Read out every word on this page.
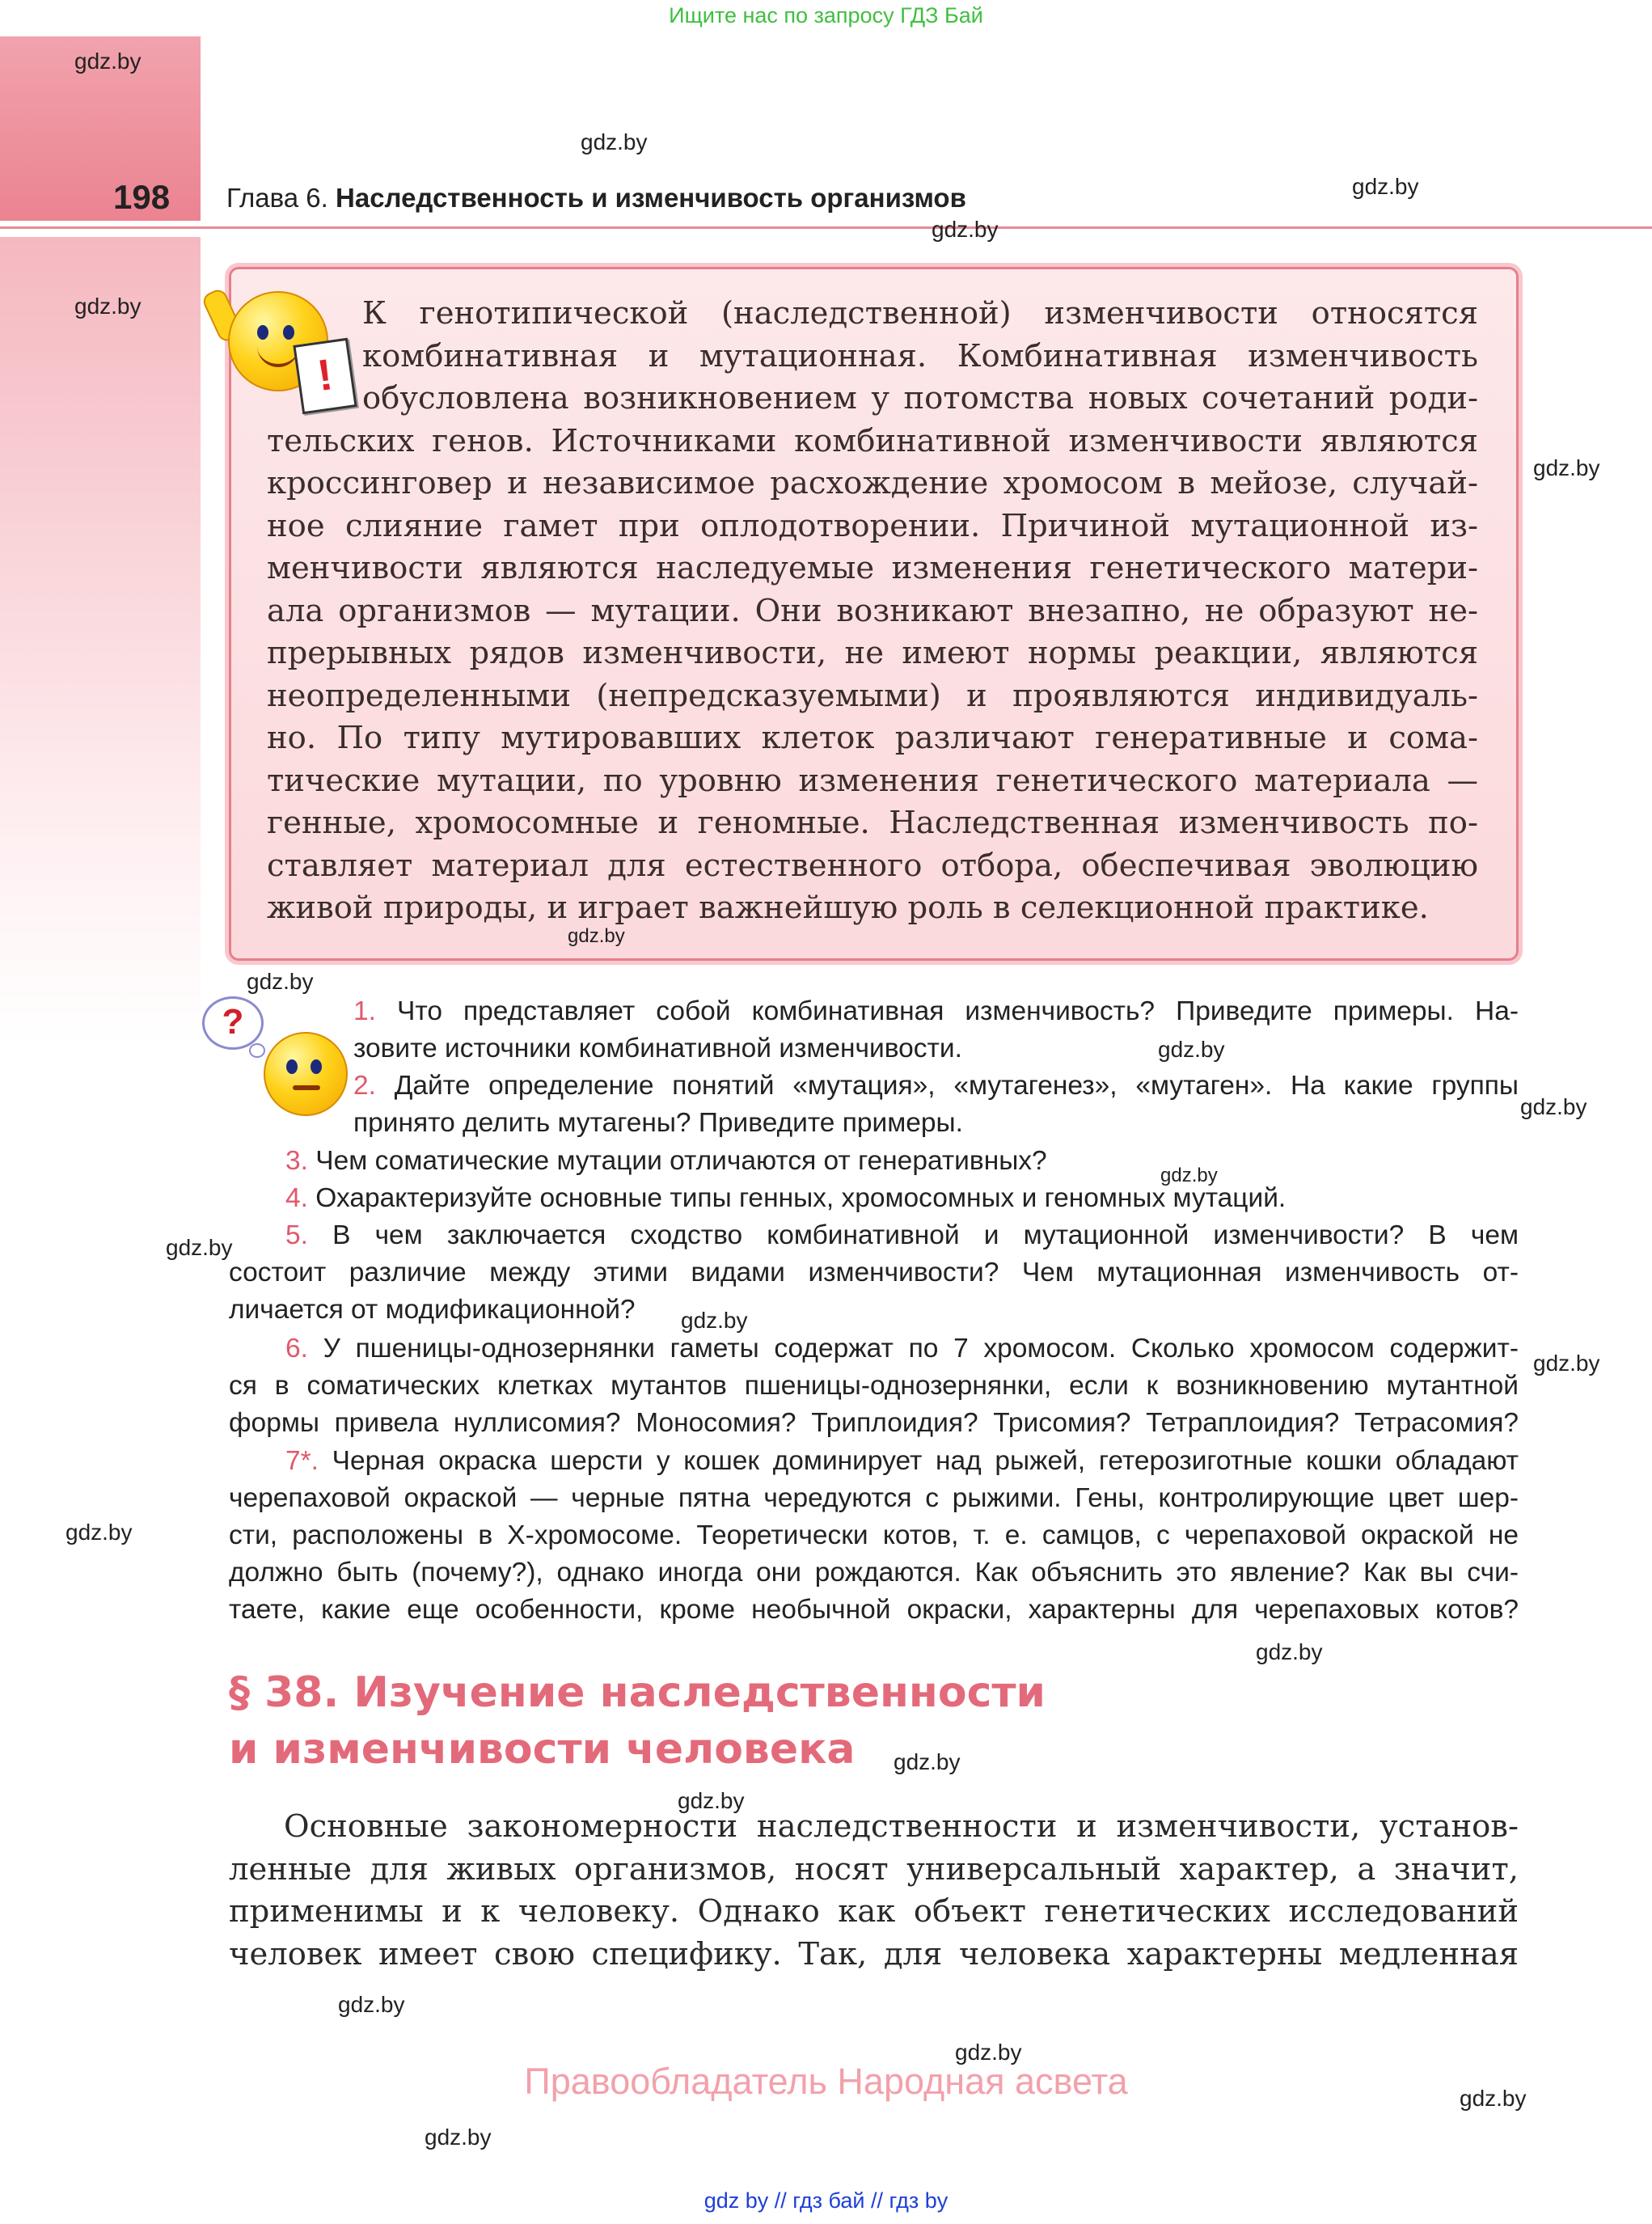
Ищите нас по запросу ГДЗ Бай
198 Глава 6. Наследственность и изменчивость организмов
!
К генотипической (наследственной) изменчивости относятся
комбинативная и мутационная. Комбинативная изменчивость
обусловлена возникновением у потомства новых сочетаний роди-
тельских генов. Источниками комбинативной изменчивости являются
кроссинговер и независимое расхождение хромосом в мейозе, случай-
ное слияние гамет при оплодотворении. Причиной мутационной из-
менчивости являются наследуемые изменения генетического матери-
ала организмов — мутации. Они возникают внезапно, не образуют не-
прерывных рядов изменчивости, не имеют нормы реакции, являются
неопределенными (непредсказуемыми) и проявляются индивидуаль-
но. По типу мутировавших клеток различают генеративные и сома-
тические мутации, по уровню изменения генетического материала —
генные, хромосомные и геномные. Наследственная изменчивость по-
ставляет материал для естественного отбора, обеспечивая эволюцию
живой природы, и играет важнейшую роль в селекционной практике.
?	1. Что представляет собой комбинативная изменчивость? Приведите примеры. На-
зовите источники комбинативной изменчивости.
2. Дайте определение понятий «мутация», «мутагенез», «мутаген». На какие группы
принято делить мутагены? Приведите примеры.
3. Чем соматические мутации отличаются от генеративных?
4. Охарактеризуйте основные типы генных, хромосомных и геномных мутаций.
5. В чем заключается сходство комбинативной и мутационной изменчивости? В чем
состоит различие между этими видами изменчивости? Чем мутационная изменчивость от-
личается от модификационной?
6. У пшеницы-однозернянки гаметы содержат по 7 хромосом. Сколько хромосом содержит-
ся в соматических клетках мутантов пшеницы-однозернянки, если к возникновению мутантной
формы привела нуллисомия? Моносомия? Триплоидия? Трисомия? Тетраплоидия? Тетрасомия?
7*. Черная окраска шерсти у кошек доминирует над рыжей, гетерозиготные кошки обладают
черепаховой окраской — черные пятна чередуются с рыжими. Гены, контролирующие цвет шер-
сти, расположены в X-хромосоме. Теоретически котов, т. е. самцов, с черепаховой окраской не
должно быть (почему?), однако иногда они рождаются. Как объяснить это явление? Как вы счи-
таете, какие еще особенности, кроме необычной окраски, характерны для черепаховых котов?
§ 38. Изучение наследственности
и изменчивости человека
Основные закономерности наследственности и изменчивости, установ-
ленные для живых организмов, носят универсальный характер, а значит,
применимы и к человеку. Однако как объект генетических исследований
человек имеет свою специфику. Так, для человека характерны медленная
Правообладатель Народная асвета
gdz by // гдз бай // гдз by
gdz.by
gdz.by
gdz.by
gdz.by
gdz.by
gdz.by
gdz.by
gdz.by
gdz.by
gdz.by
gdz.by
gdz.by
gdz.by
gdz.by
gdz.by
gdz.by
gdz.by
gdz.by
gdz.by
gdz.by
gdz.by
gdz.by
